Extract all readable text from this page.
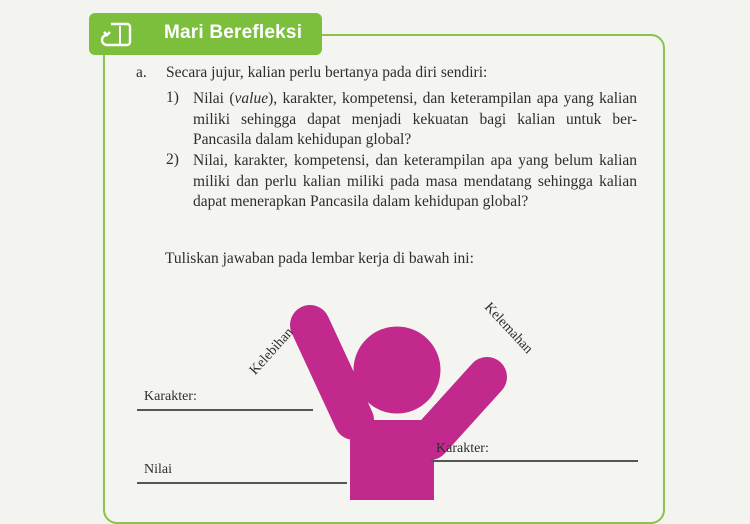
Mari Berefleksi
a. Secara jujur, kalian perlu bertanya pada diri sendiri:
1) Nilai (value), karakter, kompetensi, dan keterampilan apa yang kalian miliki sehingga dapat menjadi kekuatan bagi kalian untuk ber-Pancasila dalam kehidupan global?
2) Nilai, karakter, kompetensi, dan keterampilan apa yang belum kalian miliki dan perlu kalian miliki pada masa mendatang sehingga kalian dapat menerapkan Pancasila dalam kehidupan global?
Tuliskan jawaban pada lembar kerja di bawah ini:
Kelebihan	Kelemahan
Karakter:
Nilai
Karakter:
